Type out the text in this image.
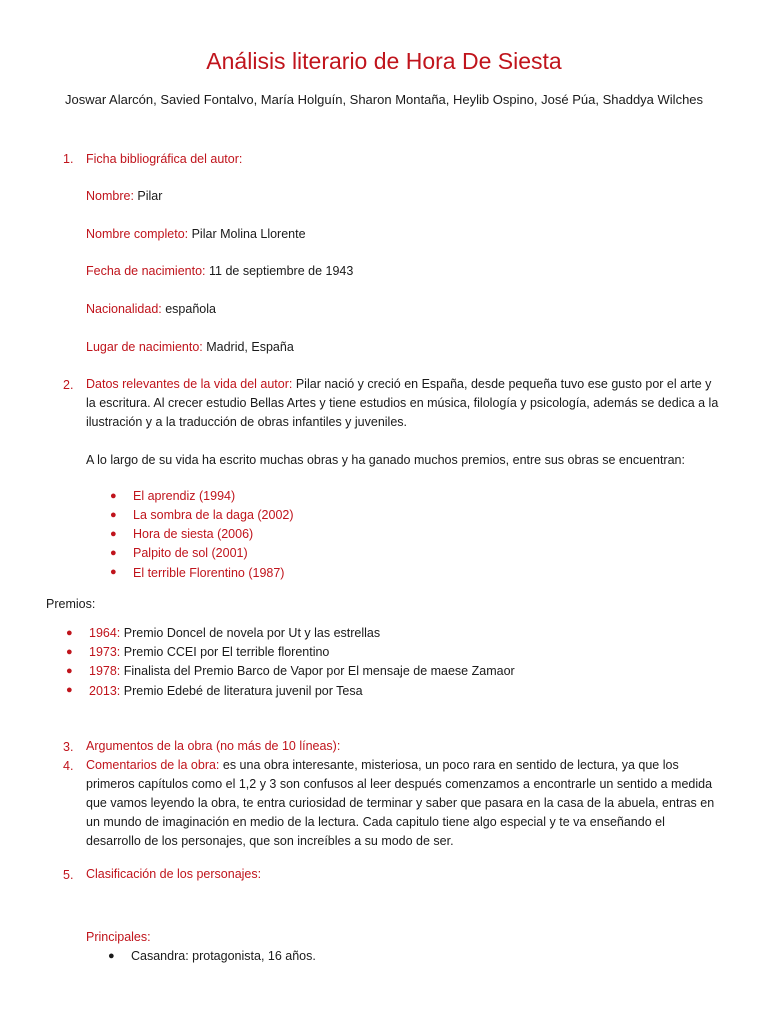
Análisis literario de Hora De Siesta
Joswar Alarcón, Savied Fontalvo, María Holguín, Sharon Montaña, Heylib Ospino, José Púa, Shaddya Wilches
1. Ficha bibliográfica del autor:
Nombre: Pilar
Nombre completo: Pilar Molina Llorente
Fecha de nacimiento: 11 de septiembre de 1943
Nacionalidad: española
Lugar de nacimiento: Madrid, España
2. Datos relevantes de la vida del autor: Pilar nació y creció en España, desde pequeña tuvo ese gusto por el arte y
la escritura. Al crecer estudio Bellas Artes y tiene estudios en música, filología y psicología, además se dedica a la
ilustración y a la traducción de obras infantiles y juveniles.
A lo largo de su vida ha escrito muchas obras y ha ganado muchos premios, entre sus obras se encuentran:
● El aprendiz (1994)
● La sombra de la daga (2002)
● Hora de siesta (2006)
● Palpito de sol (2001)
● El terrible Florentino (1987)
Premios:
● 1964: Premio Doncel de novela por Ut y las estrellas
● 1973: Premio CCEI por El terrible florentino
● 1978: Finalista del Premio Barco de Vapor por El mensaje de maese Zamaor
● 2013: Premio Edebé de literatura juvenil por Tesa
3. Argumentos de la obra (no más de 10 líneas):
4. Comentarios de la obra: es una obra interesante, misteriosa, un poco rara en sentido de lectura, ya que los
primeros capítulos como el 1,2 y 3 son confusos al leer después comenzamos a encontrarle un sentido a medida
que vamos leyendo la obra, te entra curiosidad de terminar y saber que pasara en la casa de la abuela, entras en
un mundo de imaginación en medio de la lectura. Cada capitulo tiene algo especial y te va enseñando el
desarrollo de los personajes, que son increíbles a su modo de ser.
5. Clasificación de los personajes:
Principales:
● Casandra: protagonista, 16 años.
